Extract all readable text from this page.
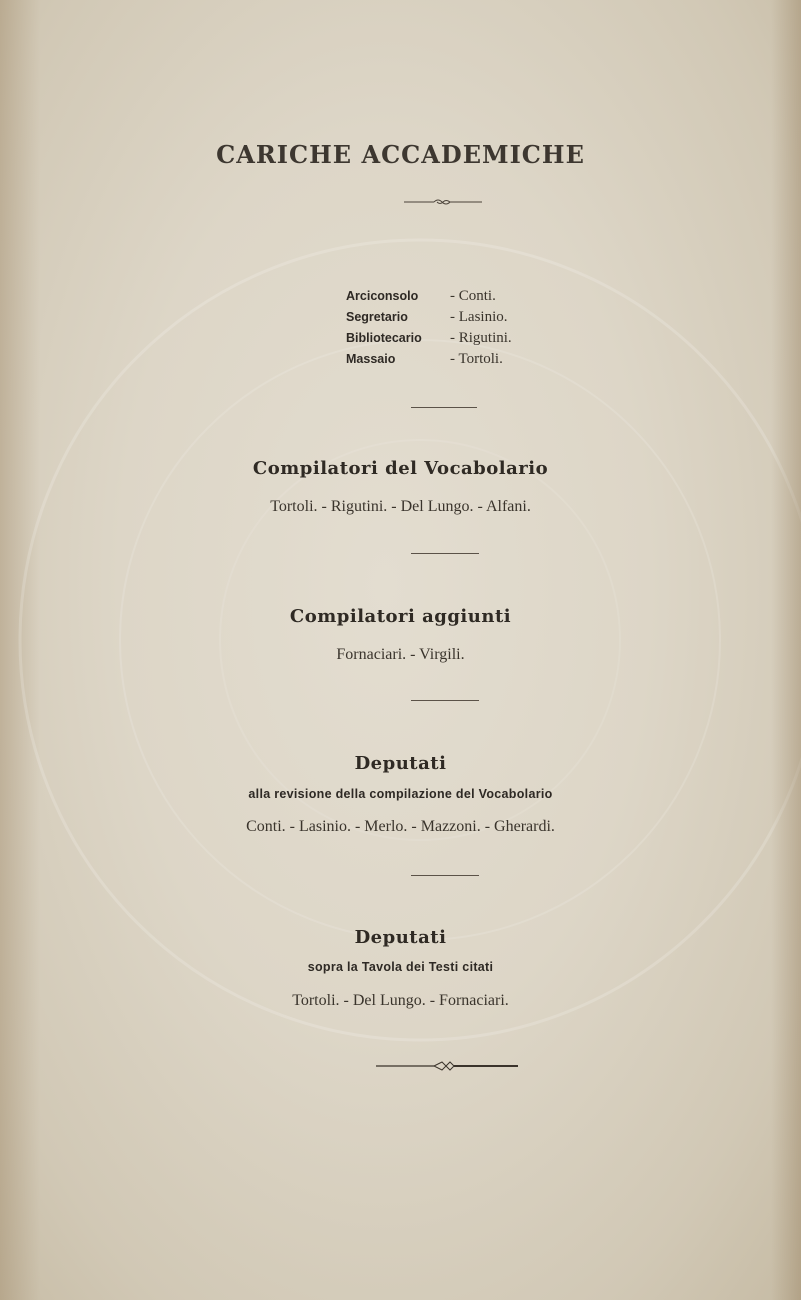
CARICHE ACCADEMICHE
Arciconsolo	- Conti.
Segretario	- Lasinio.
Bibliotecario	- Rigutini.
Massaio	- Tortoli.
Compilatori del Vocabolario

Tortoli. - Rigutini. - Del Lungo. - Alfani.

Compilatori aggiunti

Fornaciari. - Virgili.

Deputati

alla revisione della compilazione del Vocabolario

Conti. - Lasinio. - Merlo. - Mazzoni. - Gherardi.

Deputati

sopra la Tavola dei Testi citati

Tortoli. - Del Lungo. - Fornaciari.
